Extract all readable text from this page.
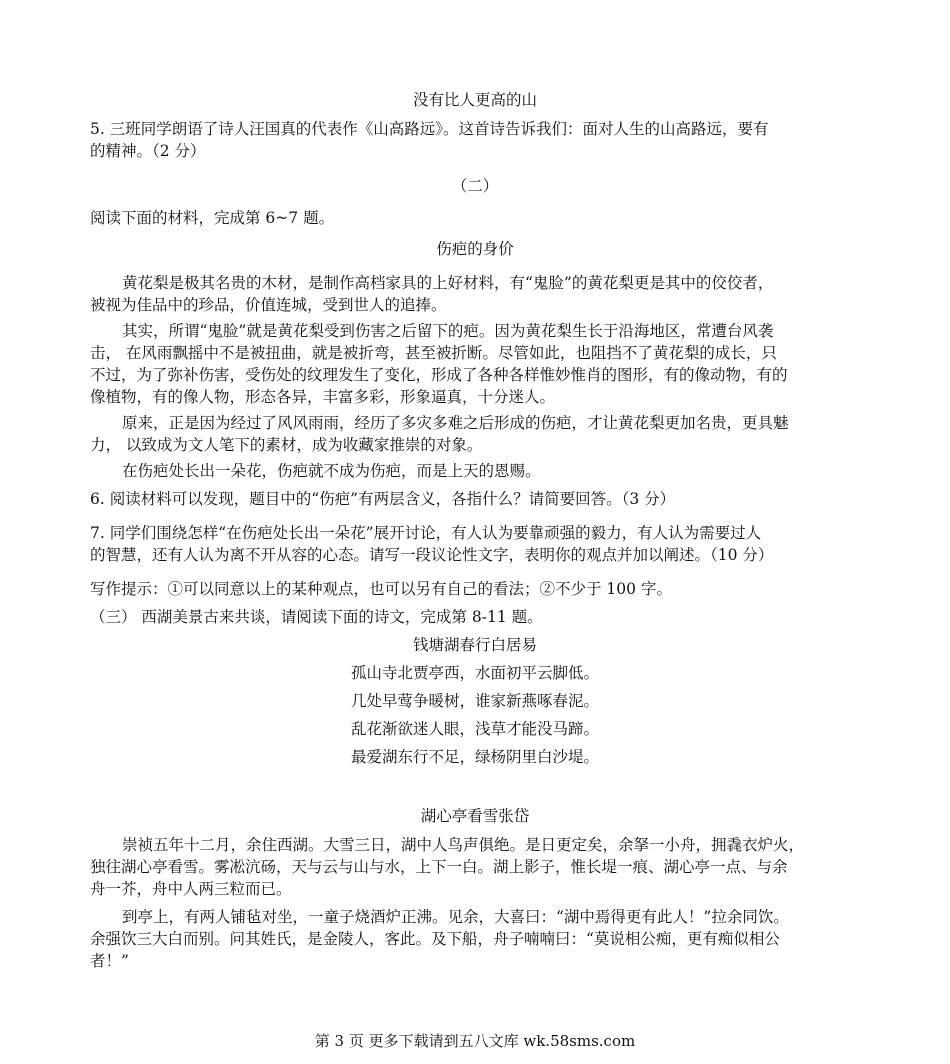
没有比人更高的山

5. 三班同学朗语了诗人汪国真的代表作《山高路远》。这首诗告诉我们：面对人生的山高路远，要有

的精神。（2 分）

（二）

阅读下面的材料，完成第 6~7 题。

伤疤的身价

黄花梨是极其名贵的木材，是制作高档家具的上好材料，有“鬼脸”的黄花梨更是其中的佼佼者，

被视为佳品中的珍品，价值连城，受到世人的追捧。

其实，所谓“鬼脸”就是黄花梨受到伤害之后留下的疤。因为黄花梨生长于沿海地区，常遭台风袭

击， 在风雨飘摇中不是被扭曲，就是被折弯，甚至被折断。尽管如此，也阻挡不了黄花梨的成长，只

不过，为了弥补伤害，受伤处的纹理发生了变化，形成了各种各样惟妙惟肖的图形，有的像动物，有的

像植物，有的像人物，形态各异，丰富多彩，形象逼真，十分迷人。

原来，正是因为经过了风风雨雨，经历了多灾多难之后形成的伤疤，才让黄花梨更加名贵，更具魅

力， 以致成为文人笔下的素材，成为收藏家推崇的对象。

在伤疤处长出一朵花，伤疤就不成为伤疤，而是上天的恩赐。

6. 阅读材料可以发现，题目中的“伤疤”有两层含义，各指什么？请简要回答。（3 分）

7. 同学们围绕怎样“在伤疤处长出一朵花”展开讨论，有人认为要靠顽强的毅力，有人认为需要过人

的智慧，还有人认为离不开从容的心态。请写一段议论性文字，表明你的观点并加以阐述。（10 分）

写作提示：①可以同意以上的某种观点，也可以另有自己的看法；②不少于 100 字。

（三） 西湖美景古来共谈，请阅读下面的诗文，完成第 8-11 题。

钱塘湖春行白居易

孤山寺北贾亭西，水面初平云脚低。

几处早莺争暖树，谁家新燕啄春泥。

乱花渐欲迷人眼，浅草才能没马蹄。

最爱湖东行不足，绿杨阴里白沙堤。

湖心亭看雪张岱

崇祯五年十二月，余住西湖。大雪三日，湖中人鸟声俱绝。是日更定矣，余拏一小舟，拥毳衣炉火，

独往湖心亭看雪。雾凇沆砀，天与云与山与水，上下一白。湖上影子，惟长堤一痕、湖心亭一点、与余

舟一芥，舟中人两三粒而已。

到亭上，有两人铺毡对坐，一童子烧酒炉正沸。见余，大喜曰：“湖中焉得更有此人！”拉余同饮。

余强饮三大白而别。问其姓氏，是金陵人，客此。及下船，舟子喃喃曰：“莫说相公痴，更有痴似相公

者！”

第 3 页 更多下载请到五八文库 wk.58sms.com
